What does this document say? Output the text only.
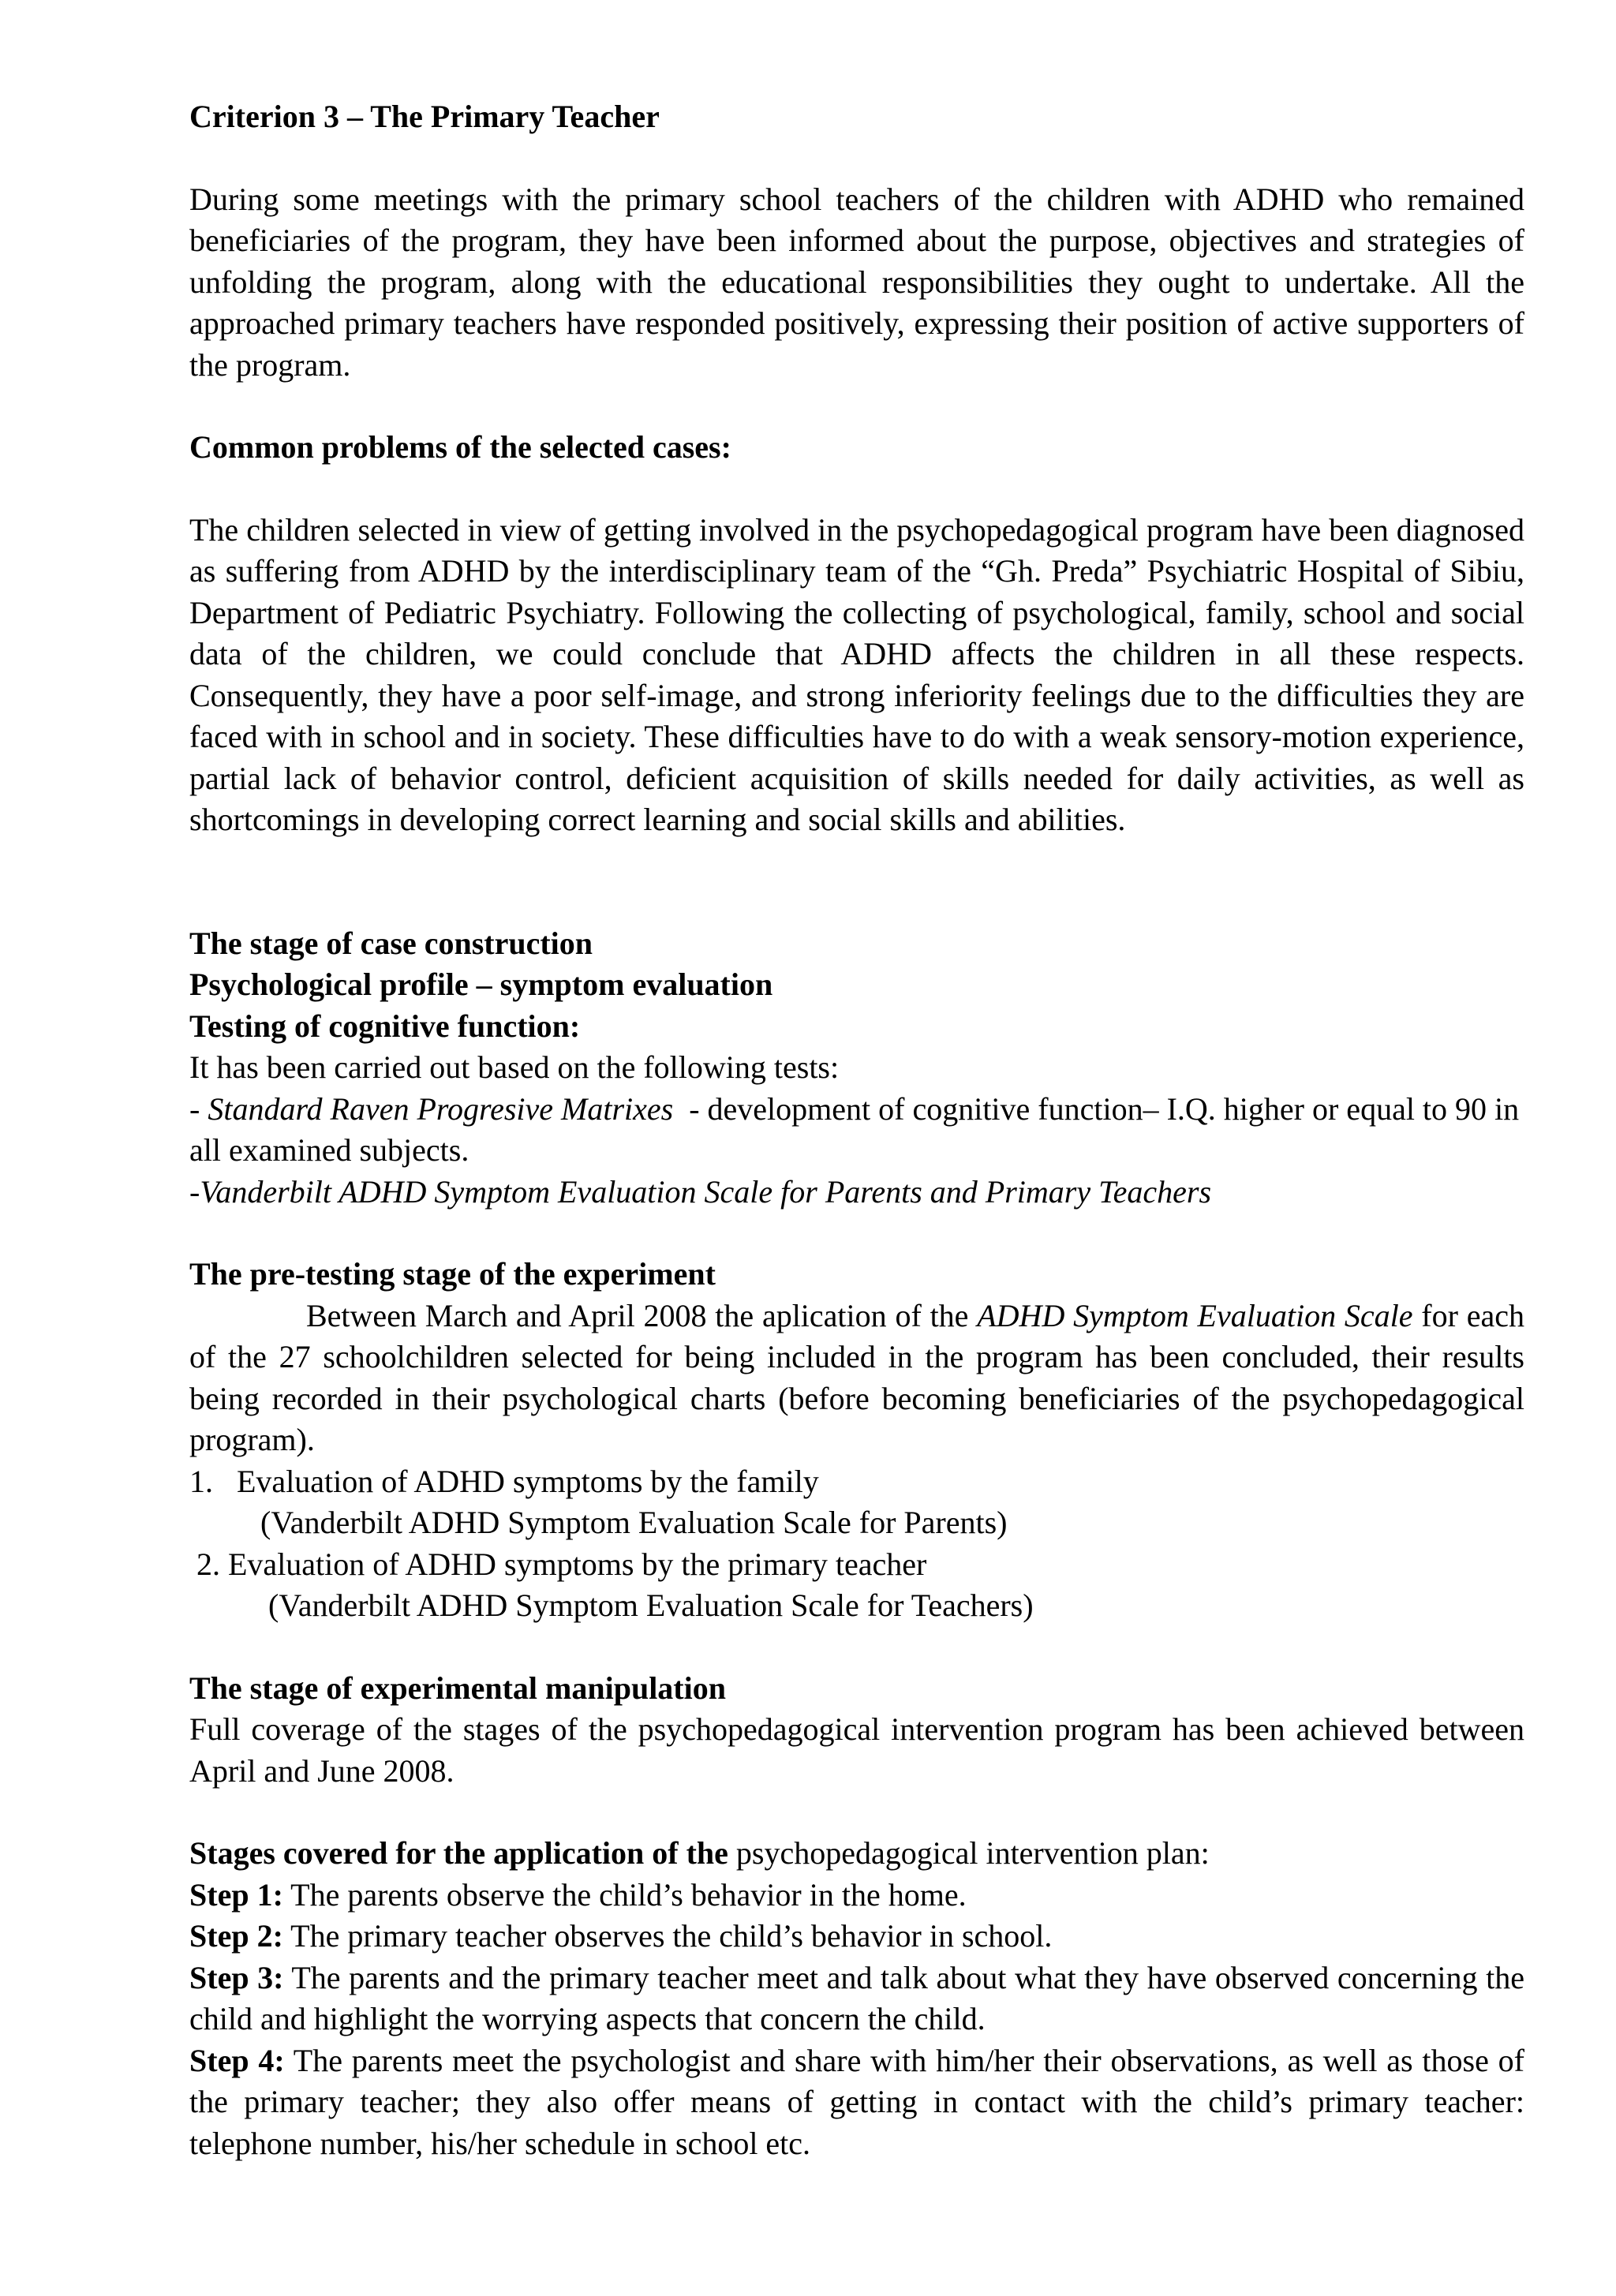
Criterion 3 – The Primary Teacher

During some meetings with the primary school teachers of the children with ADHD who remained beneficiaries of the program, they have been informed about the purpose, objectives and strategies of unfolding the program, along with the educational responsibilities they ought to undertake. All the approached primary teachers have responded positively, expressing their position of active supporters of the program.

Common problems of the selected cases:

The children selected in view of getting involved in the psychopedagogical program have been diagnosed as suffering from ADHD by the interdisciplinary team of the “Gh. Preda” Psychiatric Hospital of Sibiu, Department of Pediatric Psychiatry. Following the collecting of psychological, family, school and social data of the children, we could conclude that ADHD affects the children in all these respects. Consequently, they have a poor self-image, and strong inferiority feelings due to the difficulties they are faced with in school and in society. These difficulties have to do with a weak sensory-motion experience, partial lack of behavior control, deficient acquisition of skills needed for daily activities, as well as shortcomings in developing correct learning and social skills and abilities.

The stage of case construction

Psychological profile – symptom evaluation

Testing of cognitive function:

It has been carried out based on the following tests:

- Standard Raven Progresive Matrixes  - development of cognitive function– I.Q. higher or equal to 90 in all examined subjects.

-Vanderbilt ADHD Symptom Evaluation Scale for Parents and Primary Teachers

The pre-testing stage of the experiment

Between March and April 2008 the aplication of the ADHD Symptom Evaluation Scale for each of the 27 schoolchildren selected for being included in the program has been concluded, their results being recorded in their psychological charts (before becoming beneficiaries of the psychopedagogical program).

1.   Evaluation of ADHD symptoms by the family

(Vanderbilt ADHD Symptom Evaluation Scale for Parents)

2. Evaluation of ADHD symptoms by the primary teacher

(Vanderbilt ADHD Symptom Evaluation Scale for Teachers)

The stage of experimental manipulation

Full coverage of the stages of the psychopedagogical intervention program has been achieved between April and June 2008.

Stages covered for the application of the psychopedagogical intervention plan:

Step 1: The parents observe the child’s behavior in the home.

Step 2: The primary teacher observes the child’s behavior in school.

Step 3: The parents and the primary teacher meet and talk about what they have observed concerning the child and highlight the worrying aspects that concern the child.

Step 4: The parents meet the psychologist and share with him/her their observations, as well as those of the primary teacher; they also offer means of getting in contact with the child’s primary teacher: telephone number, his/her schedule in school etc.
